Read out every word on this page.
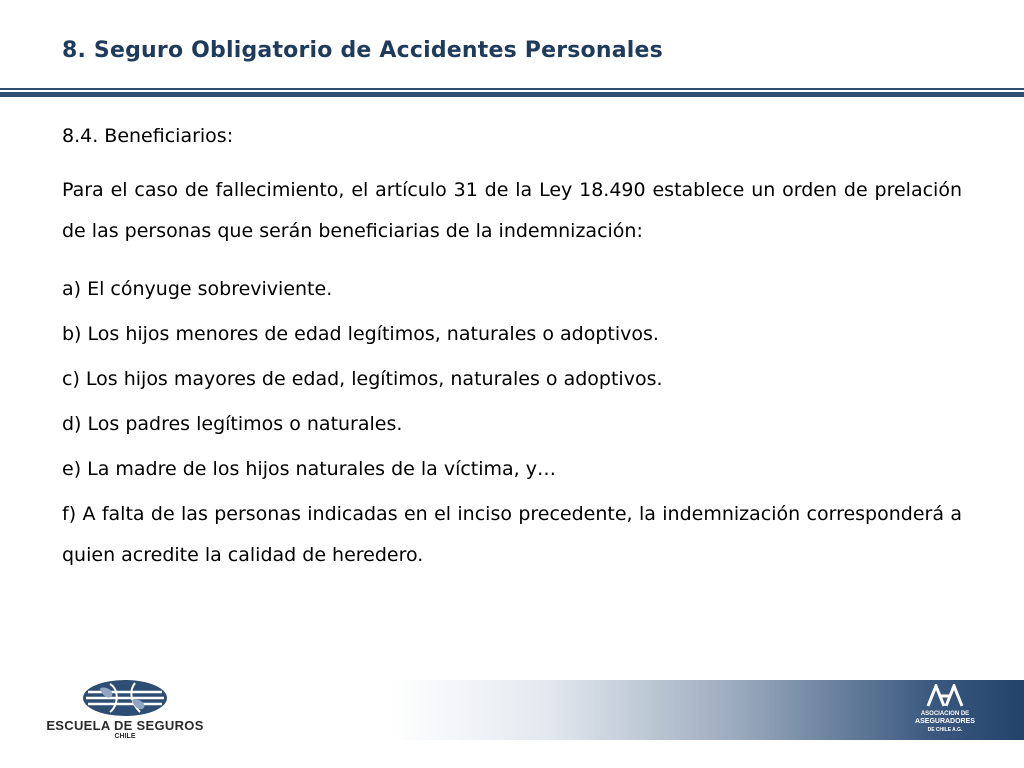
8. Seguro Obligatorio de Accidentes Personales

8.4. Beneficiarios:

Para el caso de fallecimiento, el artículo 31 de la Ley 18.490 establece un orden de prelación de las personas que serán beneficiarias de la indemnización:

a) El cónyuge sobreviviente.
b) Los hijos menores de edad legítimos, naturales o adoptivos.
c) Los hijos mayores de edad, legítimos, naturales o adoptivos.
d) Los padres legítimos o naturales.
e) La madre de los hijos naturales de la víctima, y…
f) A falta de las personas indicadas en el inciso precedente, la indemnización corresponderá a quien acredite la calidad de heredero.
ESCUELA DE SEGUROS
CHILE
ASOCIACION DE
ASEGURADORES
DE CHILE A.G.
